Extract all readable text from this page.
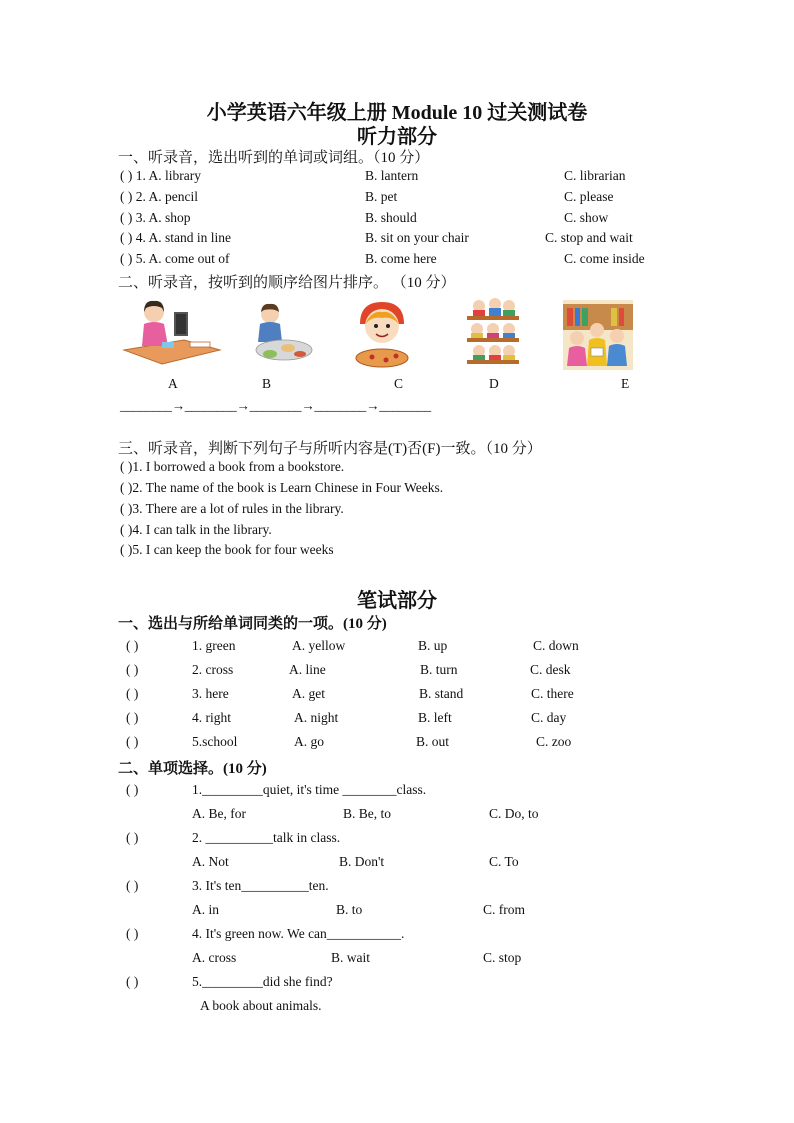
小学英语六年级上册 Module 10 过关测试卷
听力部分
一、听录音，选出听到的单词或词组。（10 分）
( ) 1. A. library	B. lantern	C. librarian
( ) 2. A. pencil	B. pet	C. please
( ) 3. A. shop	B. should	C. show
( ) 4. A. stand in line	B. sit on your chair	C. stop and wait
( ) 5. A. come out of	B. come here	C. come inside
二、听录音，按听到的顺序给图片排序。 （10 分）
A	B	C	D	E
________→________→________→________→________
三、听录音，判断下列句子与所听内容是(T)否(F)一致。（10 分）
( )1. I borrowed a book from a bookstore.
( )2. The name of the book is Learn Chinese in Four Weeks.
( )3. There are a lot of rules in the library.
( )4. I can talk in the library.
( )5. I can keep the book for four weeks
笔试部分
一、选出与所给单词同类的一项。(10 分)
( )	1. green	A. yellow	B. up	C. down
( )	2. cross	A. line	B. turn	C. desk
( )	3. here	A. get	B. stand	C. there
( )	4. right	A. night	B. left	C. day
( )	5.school	A. go	B. out	C. zoo
二、单项选择。(10 分)
( )	1._________quiet, it's time ________class.
A. Be, for	B. Be, to	C. Do, to
( )	2. __________talk in class.
A. Not	B. Don't	C. To
( )	3. It's ten__________ten.
A. in	B. to	C. from
( )	4. It's green now. We can___________.
A. cross	B. wait	C. stop
( )	5._________did she find?
A book about animals.
